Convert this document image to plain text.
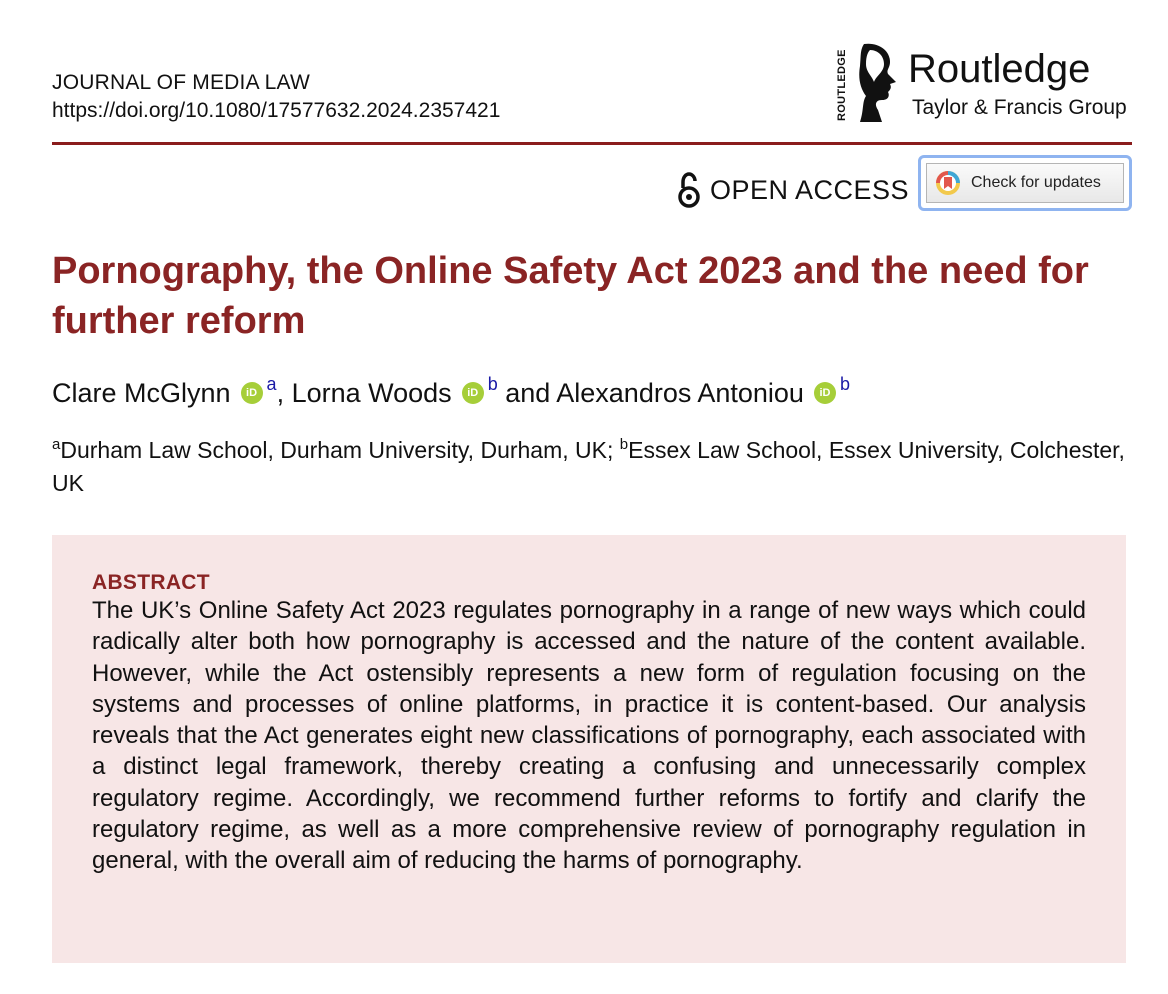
JOURNAL OF MEDIA LAW
https://doi.org/10.1080/17577632.2024.2357421	ROUTLEDGE Routledge
Taylor & Francis Group
OPEN ACCESS	Check for updates
Pornography, the Online Safety Act 2023 and the need for further reform
Clare McGlynn iD $^a$, Lorna Woods iD $^b$ and Alexandros Antoniou iD $^b$
$^a$Durham Law School, Durham University, Durham, UK; $^b$Essex Law School, Essex University, Colchester, UK
ABSTRACT
The UK’s Online Safety Act 2023 regulates pornography in a range of new ways which could radically alter both how pornography is accessed and the nature of the content available. However, while the Act ostensibly represents a new form of regulation focusing on the systems and processes of online platforms, in practice it is content-based. Our analysis reveals that the Act generates eight new classifications of pornography, each associated with a distinct legal framework, thereby creating a confusing and unnecessarily complex regulatory regime. Accordingly, we recommend further reforms to fortify and clarify the regulatory regime, as well as a more comprehensive review of pornography regulation in general, with the overall aim of reducing the harms of pornography.
